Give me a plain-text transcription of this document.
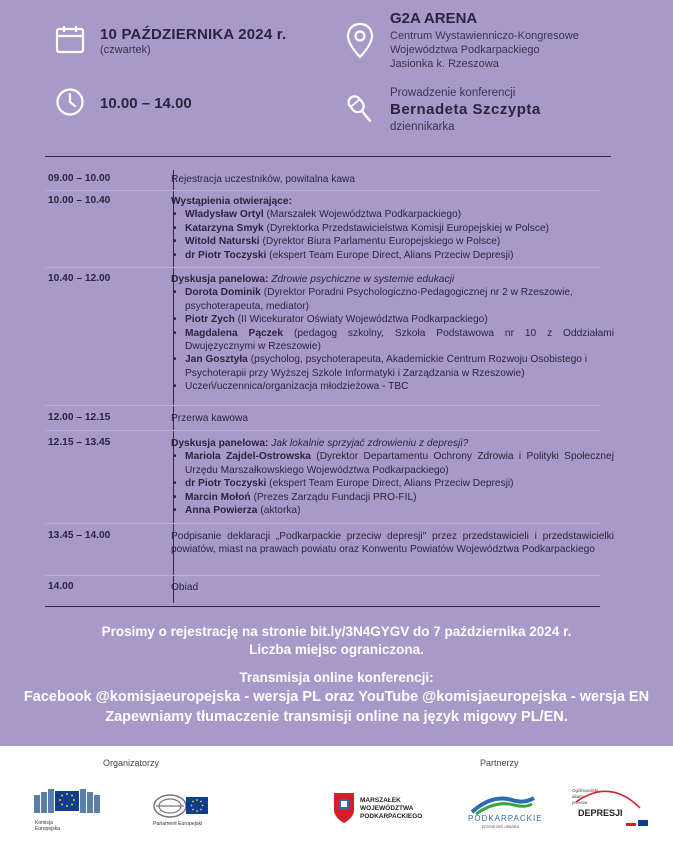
10 PAŹDZIERNIKA 2024 r.
(czwartek)
10.00 – 14.00
G2A ARENA
Centrum Wystawienniczo-Kongresowe
Województwa Podkarpackiego
Jasionka k. Rzeszowa
Prowadzenie konferencji
Bernadeta Szczypta
dziennikarka
09.00 – 10.00	Rejestracja uczestników, powitalna kawa
10.00 – 10.40	Wystąpienia otwierające:
• Władysław Ortyl (Marszałek Województwa Podkarpackiego)
• Katarzyna Smyk (Dyrektorka Przedstawicielstwa Komisji Europejskiej w Polsce)
• Witold Naturski (Dyrektor Biura Parlamentu Europejskiego w Polsce)
• dr Piotr Toczyski (ekspert Team Europe Direct, Alians Przeciw Depresji)
10.40 – 12.00	Dyskusja panelowa: Zdrowie psychiczne w systemie edukacji
• Dorota Dominik (Dyrektor Poradni Psychologiczno-Pedagogicznej nr 2 w Rzeszowie, psychoterapeuta, mediator)
• Piotr Zych (II Wicekurator Oświaty Województwa Podkarpackiego)
• Magdalena Pączek (pedagog szkolny, Szkoła Podstawowa nr 10 z Oddziałami Dwujęzycznymi w Rzeszowie)
• Jan Gosztyła (psycholog, psychoterapeuta, Akademickie Centrum Rozwoju Osobistego i Psychoterapii przy Wyższej Szkole Informatyki i Zarządzania w Rzeszowie)
• Uczeń/uczennica/organizacja młodzieżowa - TBC
12.00 – 12.15	Przerwa kawowa
12.15 – 13.45	Dyskusja panelowa: Jak lokalnie sprzyjać zdrowieniu z depresji?
• Mariola Zajdel-Ostrowska (Dyrektor Departamentu Ochrony Zdrowia i Polityki Społecznej Urzędu Marszałkowskiego Województwa Podkarpackiego)
• dr Piotr Toczyski (ekspert Team Europe Direct, Alians Przeciw Depresji)
• Marcin Mołoń (Prezes Zarządu Fundacji PRO-FIL)
• Anna Powierza (aktorka)
13.45 – 14.00	Podpisanie deklaracji „Podkarpackie przeciw depresji" przez przedstawicieli i przedstawicielki powiatów, miast na prawach powiatu oraz Konwentu Powiatów Województwa Podkarpackiego
14.00	Obiad
Prosimy o rejestrację na stronie bit.ly/3N4GYGV do 7 października 2024 r.
Liczba miejsc ograniczona.
Transmisja online konferencji:
Facebook @komisjaeuropejska - wersja PL oraz YouTube @komisjaeuropejska - wersja EN
Zapewniamy tłumaczenie transmisji online na język migowy PL/EN.
Organizatorzy	Partnerzy
Komisja
Europejska
Parlament Europejski
MARSZAŁEK
WOJEWÓDZTWA
PODKARPACKIEGO	PODKARPACKIE
przestrzeń otwarta
Ogólnopolski
alians
przeciw
DEPRESJI
